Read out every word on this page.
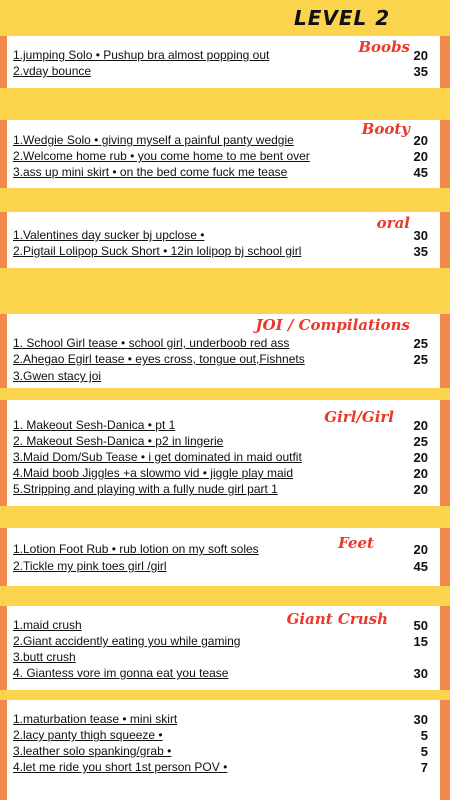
LEVEL 2
Boobs
1.jumping Solo • Pushup bra almost popping out	20
2.vday bounce	35
Booty
1.Wedgie Solo • giving myself a painful panty wedgie	20
2.Welcome home rub • you come home to me bent over	20
3.ass up mini skirt • on the bed come fuck me tease	45
oral
1.Valentines day sucker bj upclose •	30
2.Pigtail Lolipop Suck Short • 12in lolipop bj school girl	35
JOI / Compilations
1. School Girl tease • school girl, underboob red ass	25
2.Ahegao Egirl tease • eyes cross, tongue out,Fishnets	25
3.Gwen stacy joi
Girl/Girl
1. Makeout Sesh-Danica • pt 1	20
2. Makeout Sesh-Danica • p2 in lingerie	25
3.Maid Dom/Sub Tease • i get dominated in maid outfit	20
4.Maid boob Jiggles +a slowmo vid • jiggle play maid	20
5.Stripping and playing with a fully nude girl part 1	20
Feet
1.Lotion Foot Rub • rub lotion on my soft soles	20
2.Tickle my pink toes girl /girl	45
Giant Crush
1.maid crush	50
2.Giant accidently eating you while gaming	15
3.butt crush
4. Giantess vore im gonna eat you tease	30
1.maturbation tease • mini skirt	30
2.lacy panty thigh squeeze •	5
3.leather solo spanking/grab •	5
4.let me ride you short 1st person POV •	7
